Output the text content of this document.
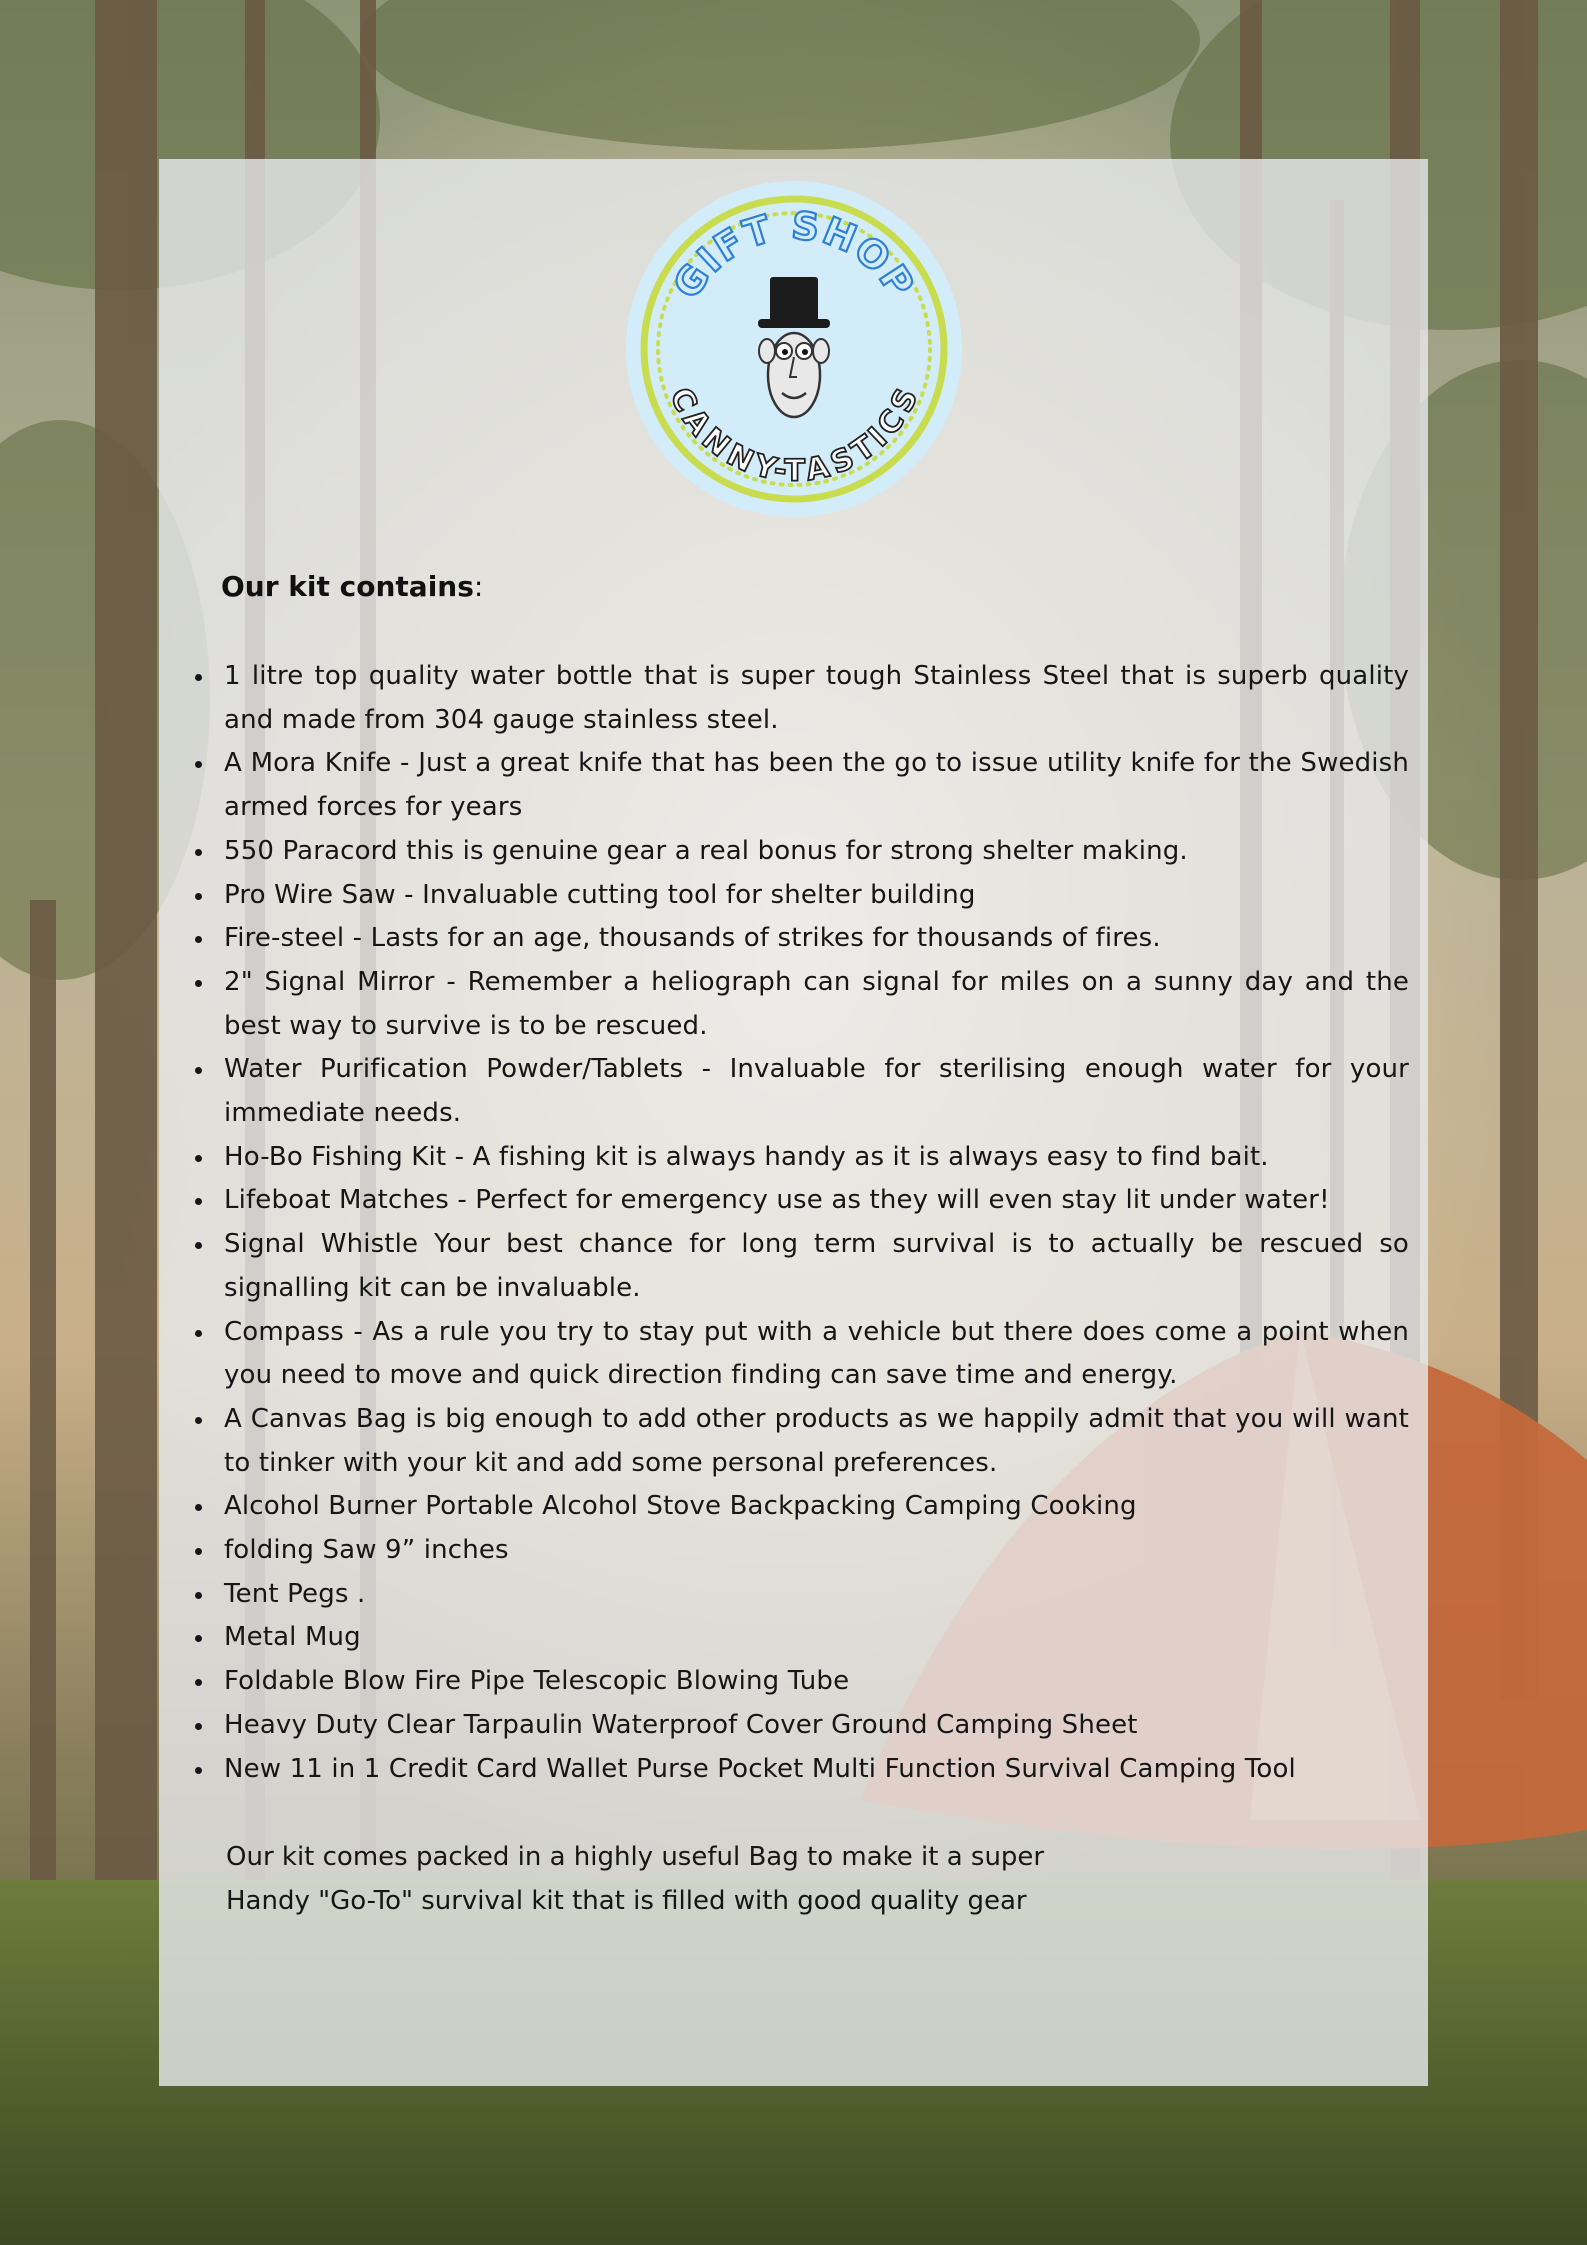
GIFT SHOP
CANNY-TASTICS
Our kit contains:
1 litre top quality water bottle that is super tough Stainless Steel that is superb quality and made from 304 gauge stainless steel.
A Mora Knife - Just a great knife that has been the go to issue utility knife for the Swedish armed forces for years
550 Paracord this is genuine gear a real bonus for strong shelter making.
Pro Wire Saw - Invaluable cutting tool for shelter building
Fire-steel - Lasts for an age, thousands of strikes for thousands of fires.
2" Signal Mirror - Remember a heliograph can signal for miles on a sunny day and the best way to survive is to be rescued.
Water Purification Powder/Tablets - Invaluable for sterilising enough water for your immediate needs.
Ho-Bo Fishing Kit - A fishing kit is always handy as it is always easy to find bait.
Lifeboat Matches - Perfect for emergency use as they will even stay lit under water!
Signal Whistle Your best chance for long term survival is to actually be rescued so signalling kit can be invaluable.
Compass - As a rule you try to stay put with a vehicle but there does come a point when you need to move and quick direction finding can save time and energy.
A Canvas Bag is big enough to add other products as we happily admit that you will want to tinker with your kit and add some personal preferences.
Alcohol Burner Portable Alcohol Stove Backpacking Camping Cooking
folding Saw 9” inches
Tent Pegs .
Metal Mug
Foldable Blow Fire Pipe Telescopic Blowing Tube
Heavy Duty Clear Tarpaulin Waterproof Cover Ground Camping Sheet
New 11 in 1 Credit Card Wallet Purse Pocket Multi Function Survival Camping Tool

Our kit comes packed in a highly useful Bag to make it a super

Handy "Go-To" survival kit that is filled with good quality gear
